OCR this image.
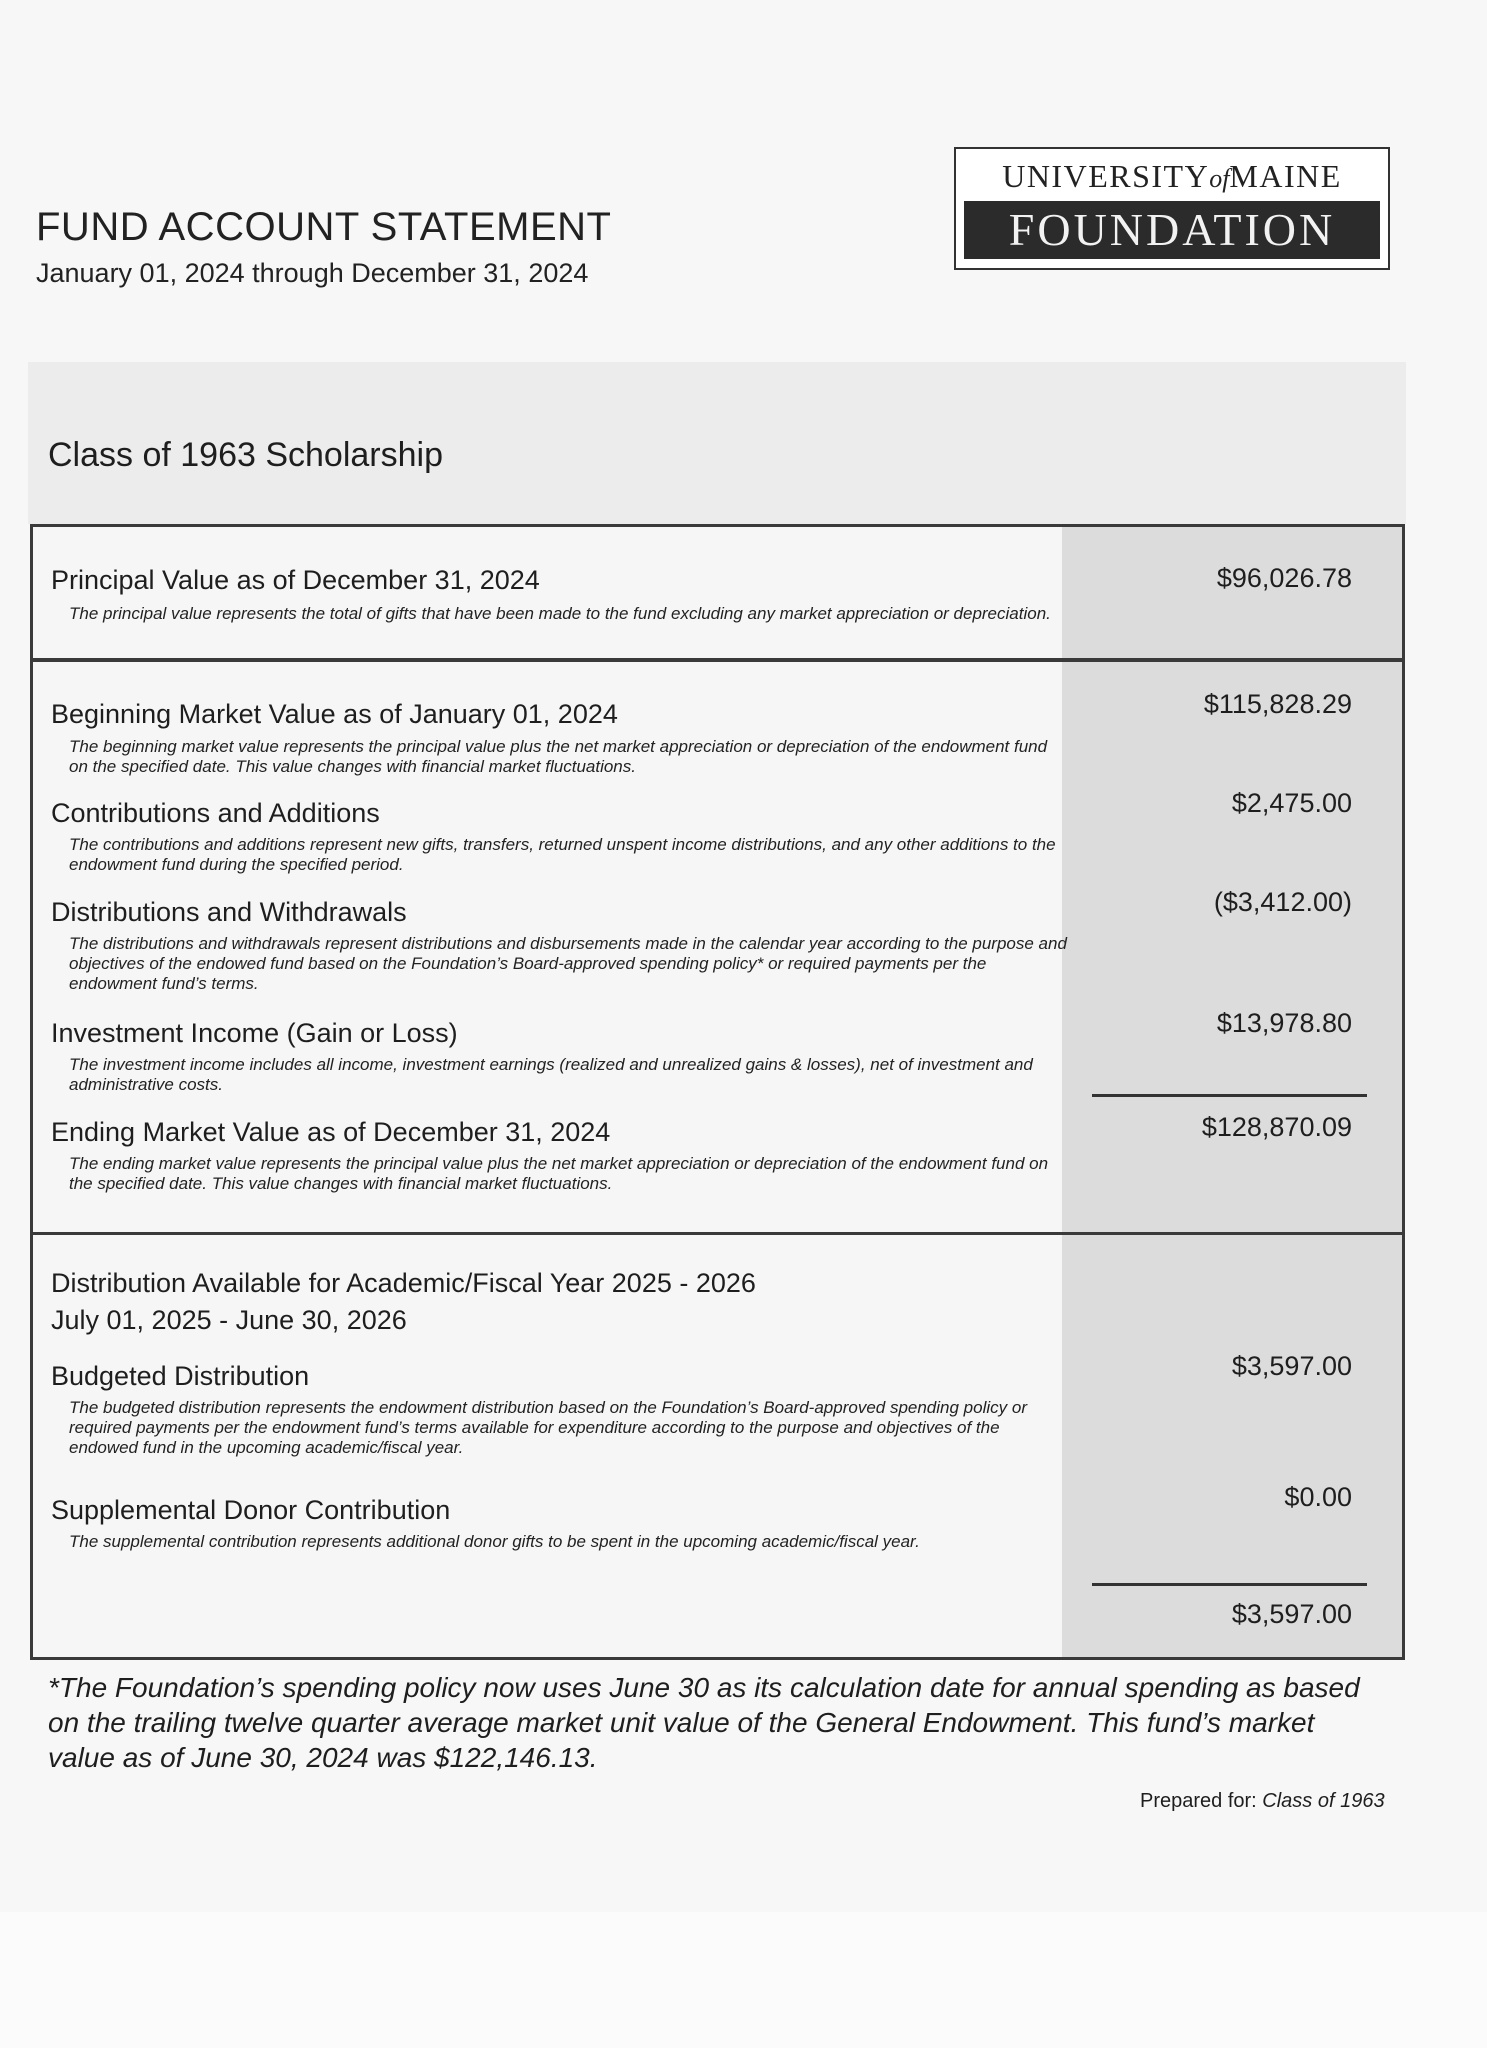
FUND ACCOUNT STATEMENT
January 01, 2024 through December 31, 2024
UNIVERSITYofMAINE
FOUNDATION
Class of 1963 Scholarship
Principal Value as of December 31, 2024
The principal value represents the total of gifts that have been made to the fund excluding any market appreciation or depreciation.
$96,026.78
Beginning Market Value as of January 01, 2024
The beginning market value represents the principal value plus the net market appreciation or depreciation of the endowment fund on the specified date. This value changes with financial market fluctuations.
$115,828.29
Contributions and Additions
The contributions and additions represent new gifts, transfers, returned unspent income distributions, and any other additions to the endowment fund during the specified period.
$2,475.00
Distributions and Withdrawals
The distributions and withdrawals represent distributions and disbursements made in the calendar year according to the purpose and objectives of the endowed fund based on the Foundation’s Board-approved spending policy* or required payments per the endowment fund’s terms.
($3,412.00)
Investment Income (Gain or Loss)
The investment income includes all income, investment earnings (realized and unrealized gains & losses), net of investment and administrative costs.
$13,978.80
Ending Market Value as of December 31, 2024
The ending market value represents the principal value plus the net market appreciation or depreciation of the endowment fund on the specified date. This value changes with financial market fluctuations.
$128,870.09
Distribution Available for Academic/Fiscal Year 2025 - 2026
July 01, 2025 - June 30, 2026
Budgeted Distribution
The budgeted distribution represents the endowment distribution based on the Foundation’s Board-approved spending policy or required payments per the endowment fund’s terms available for expenditure according to the purpose and objectives of the endowed fund in the upcoming academic/fiscal year.
$3,597.00
Supplemental Donor Contribution
The supplemental contribution represents additional donor gifts to be spent in the upcoming academic/fiscal year.
$0.00
$3,597.00
*The Foundation’s spending policy now uses June 30 as its calculation date for annual spending as based on the trailing twelve quarter average market unit value of the General Endowment. This fund’s market value as of June 30, 2024 was $122,146.13.
Prepared for: Class of 1963
